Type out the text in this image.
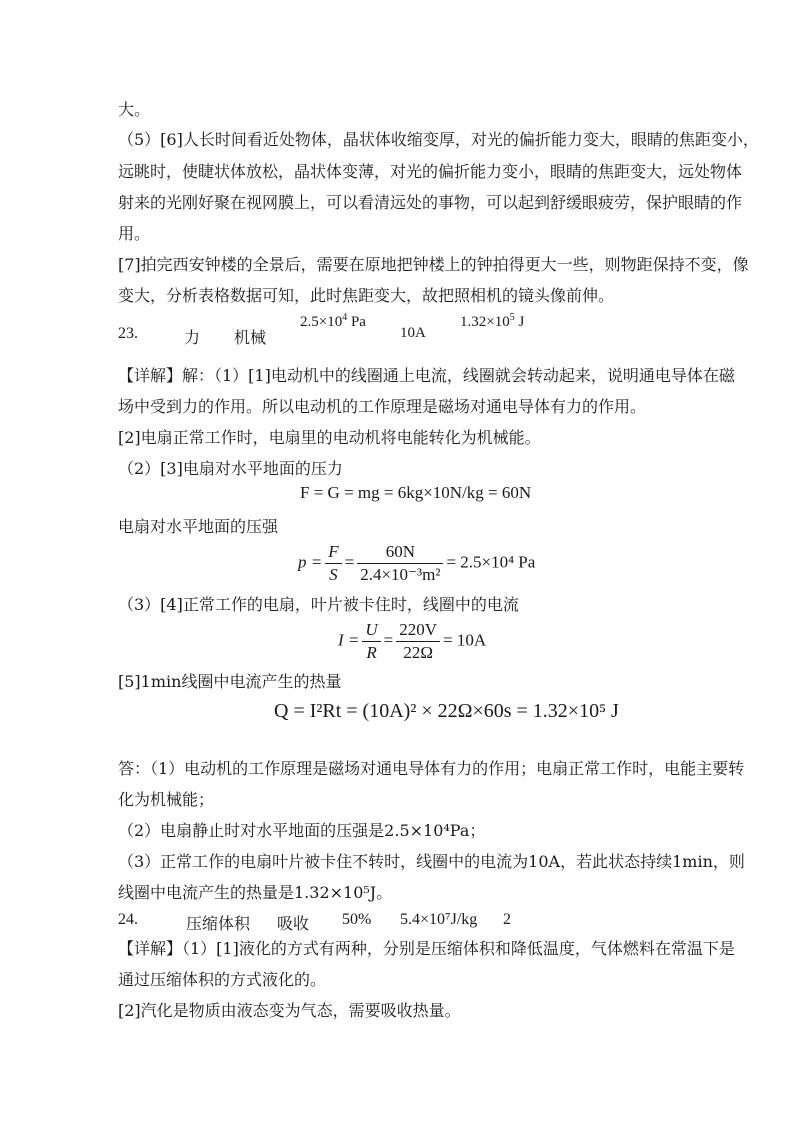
大。
（5）[6]人长时间看近处物体，晶状体收缩变厚，对光的偏折能力变大，眼睛的焦距变小，
远眺时，使睫状体放松，晶状体变薄，对光的偏折能力变小，眼睛的焦距变大，远处物体
射来的光刚好聚在视网膜上，可以看清远处的事物，可以起到舒缓眼疲劳，保护眼睛的作
用。
[7]拍完西安钟楼的全景后，需要在原地把钟楼上的钟拍得更大一些，则物距保持不变，像
变大，分析表格数据可知，此时焦距变大，故把照相机的镜头像前伸。
23.	力 机械
$2.5\times 10^4$ Pa
10A
$1.32\times 10^5$ J
【详解】解：（1）[1]电动机中的线圈通上电流，线圈就会转动起来，说明通电导体在磁
场中受到力的作用。所以电动机的工作原理是磁场对通电导体有力的作用。
[2]电扇正常工作时，电扇里的电动机将电能转化为机械能。
（2）[3]电扇对水平地面的压力
F = G = mg = 6kg×10N/kg = 60N
电扇对水平地面的压强
$p = \frac{F}{S} = \frac{60N}{\text{2.4×10⁻³m²}} = 2.5\times 10^4$ Pa
（3）[4]正常工作的电扇，叶片被卡住时，线圈中的电流
$I = \frac{U}{R} = \frac{220V}{22\Omega} = 10A$
[5]1min线圈中电流产生的热量
Q = I²Rt = (10A)² × 22Ω×60s = 1.32×10⁵ J
答：（1）电动机的工作原理是磁场对通电导体有力的作用；电扇正常工作时，电能主要转
化为机械能；
（2）电扇静止时对水平地面的压强是2.5×10⁴Pa；
（3）正常工作的电扇叶片被卡住不转时，线圈中的电流为10A，若此状态持续1min，则
线圈中电流产生的热量是1.32×10⁵J。
24.	压缩体积 吸收 50% 5.4×10⁷J/kg 2
【详解】（1）[1]液化的方式有两种，分别是压缩体积和降低温度，气体燃料在常温下是
通过压缩体积的方式液化的。
[2]汽化是物质由液态变为气态，需要吸收热量。
